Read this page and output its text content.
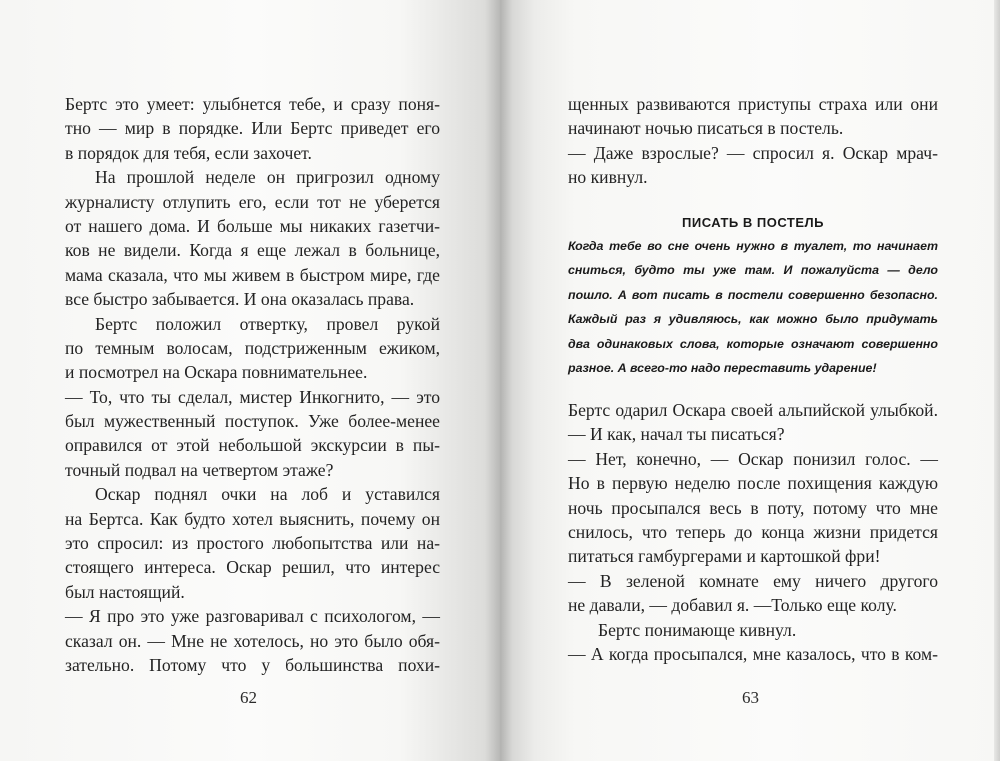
Бертс это умеет: улыбнется тебе, и сразу поня-
тно — мир в порядке. Или Бертс приведет его
в порядок для тебя, если захочет.
На прошлой неделе он пригрозил одному
журналисту отлупить его, если тот не уберется
от нашего дома. И больше мы никаких газетчи-
ков не видели. Когда я еще лежал в больнице,
мама сказала, что мы живем в быстром мире, где
все быстро забывается. И она оказалась права.
Бертс положил отвертку, провел рукой
по темным волосам, подстриженным ежиком,
и посмотрел на Оскара повнимательнее.
— То, что ты сделал, мистер Инкогнито, — это
был мужественный поступок. Уже более-менее
оправился от этой небольшой экскурсии в пы-
точный подвал на четвертом этаже?
Оскар поднял очки на лоб и уставился
на Бертса. Как будто хотел выяснить, почему он
это спросил: из простого любопытства или на-
стоящего интереса. Оскар решил, что интерес
был настоящий.
— Я про это уже разговаривал с психологом, —
сказал он. — Мне не хотелось, но это было обя-
зательно. Потому что у большинства похи-
62
щенных развиваются приступы страха или они
начинают ночью писаться в постель.
— Даже взрослые? — спросил я. Оскар мрач-
но кивнул.
ПИСАТЬ В ПОСТЕЛЬ
Когда тебе во сне очень нужно в туалет, то начинает
сниться, будто ты уже там. И пожалуйста — дело
пошло. А вот писать в постели совершенно безопасно.
Каждый раз я удивляюсь, как можно было придумать
два одинаковых слова, которые означают совершенно
разное. А всего-то надо переставить ударение!
Бертс одарил Оскара своей альпийской улыбкой.
— И как, начал ты писаться?
— Нет, конечно, — Оскар понизил голос. —
Но в первую неделю после похищения каждую
ночь просыпался весь в поту, потому что мне
снилось, что теперь до конца жизни придется
питаться гамбургерами и картошкой фри!
— В зеленой комнате ему ничего другого
не давали, — добавил я. —Только еще колу.
Бертс понимающе кивнул.
— А когда просыпался, мне казалось, что в ком-
63
